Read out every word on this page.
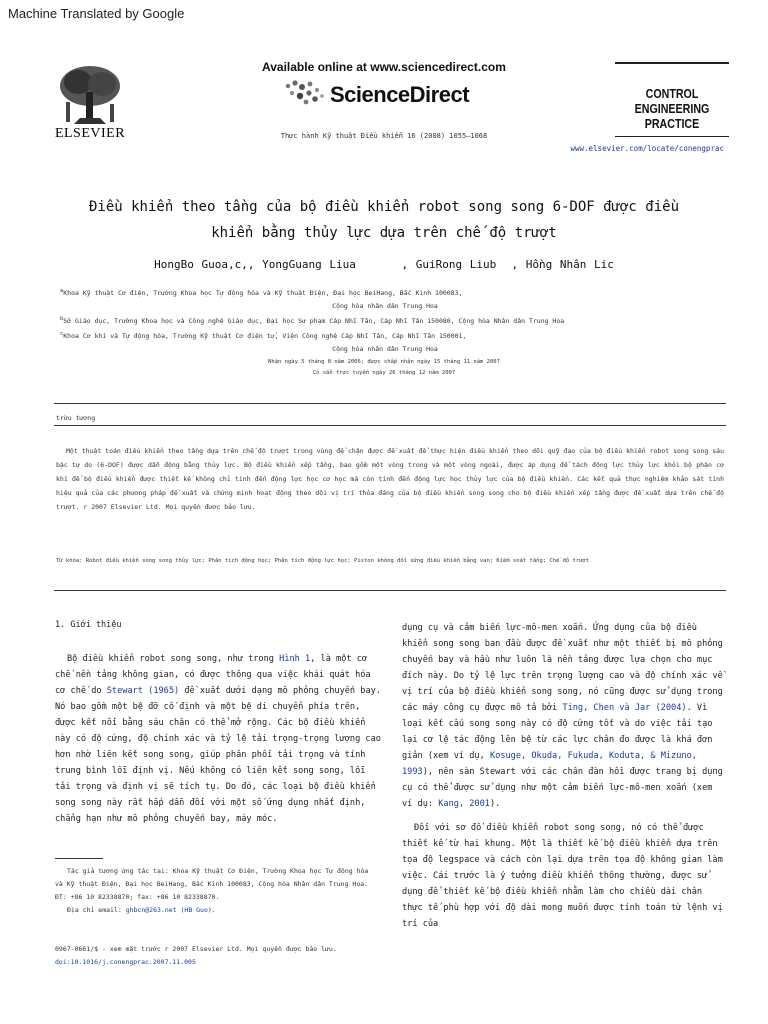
Machine Translated by Google
ELSEVIER
Available online at www.sciencedirect.com
ScienceDirect
Thực hành Kỹ thuật Điều khiển 16 (2008) 1055–1068
CONTROL ENGINEERING
PRACTICE
www.elsevier.com/locate/conengprac
Điều khiển theo tầng của bộ điều khiển robot song song 6-DOF được điều
khiển bằng thủy lực dựa trên chế độ trượt
HongBo Guoa,c,, YongGuang Liua      , GuiRong Liub  , Hồng Nhân Lic
$^a$Khoa Kỹ thuật Cơ điện, Trường Khoa học Tự động hóa và Kỹ thuật Điện, Đại học BeiHang, Bắc Kinh 100083,
Cộng hòa nhân dân Trung Hoa
$^b$Sở Giáo dục, Trường Khoa học và Công nghệ Giáo dục, Đại học Sư phạm Cáp Nhĩ Tân, Cáp Nhĩ Tân 150080, Cộng hòa Nhân dân Trung Hoa
$^c$Khoa Cơ khí và Tự động hóa, Trường Kỹ thuật Cơ điện tử, Viện Công nghệ Cáp Nhĩ Tân, Cáp Nhĩ Tân 150001,
Cộng hòa nhân dân Trung Hoa
Nhận ngày 5 tháng 8 năm 2006; được chấp nhận ngày 15 tháng 11 năm 2007
Có sẵn trực tuyến ngày 26 tháng 12 năm 2007
trừu tượng

Một thuật toán điều khiển theo tầng dựa trên chế độ trượt trong vùng để chặn được đề xuất để thực hiện điều khiển theo dõi quỹ đạo của bộ điều khiển robot song song sáu bậc tự do (6-DOF) được dẫn động bằng thủy lực. Bộ điều khiển xếp tầng, bao gồm một vòng trong và một vòng ngoài, được áp dụng để tách động lực thủy lực khỏi bộ phận cơ khí để bộ điều khiển được thiết kế không chỉ tính đến động lực học cơ học mà còn tính đến động lực học thủy lực của bộ điều khiển. Các kết quả thực nghiệm khảo sát tính hiệu quả của các phương pháp đề xuất và chứng minh hoạt động theo dõi vị trí thỏa đáng của bộ điều khiển song song cho bộ điều khiển xếp tầng được đề xuất dựa trên chế độ trượt. r 2007 Elsevier Ltd. Mọi quyền được bảo lưu.

Từ khóa: Robot điều khiển song song thủy lực; Phân tích động học; Phân tích động lực học; Piston không đối xứng điều khiển bằng van; Kiểm soát tầng; Chế độ trượt
1. Giới thiệu

Bộ điều khiển robot song song, như trong Hình 1, là một cơ chế nền tảng không gian, có được thông qua việc khái quát hóa cơ chế do Stewart (1965) đề xuất dưới dạng mô phỏng chuyến bay. Nó bao gồm một bệ đỡ cố định và một bệ di chuyển phía trên, được kết nối bằng sáu chân có thể mở rộng. Các bộ điều khiển này có độ cứng, độ chính xác và tỷ lệ tải trọng-trọng lượng cao hơn nhờ liên kết song song, giúp phân phối tải trọng và tính trung bình lỗi định vị. Nếu không có liên kết song song, lỗi tải trọng và định vị sẽ tích tụ. Do đó, các loại bộ điều khiển song song này rất hấp dẫn đối với một số ứng dụng nhất định, chẳng hạn như mô phỏng chuyến bay, máy móc.

Tác giả tương ứng tác tại: Khoa Kỹ thuật Cơ Điện, Trường Khoa học Tự động hóa và Kỹ thuật Điện, Đại học BeiHang, Bắc Kinh 100083, Cộng hòa Nhân dân Trung Hoa.
ĐT: +86 10 82338870; fax: +86 10 82338870.
Địa chỉ email: ghbcn@263.net (HB Guo).
0967-0661/$ - xem mặt trước r 2007 Elsevier Ltd. Mọi quyền được bảo lưu.
doi:10.1016/j.conengprac.2007.11.005

dụng cụ và cảm biến lực-mô-men xoắn. Ứng dụng của bộ điều khiển song song ban đầu được đề xuất như một thiết bị mô phỏng chuyến bay và hầu như luôn là nền tảng được lựa chọn cho mục đích này. Do tỷ lệ lực trên trọng lượng cao và độ chính xác về vị trí của bộ điều khiển song song, nó cũng được sử dụng trong các máy công cụ được mô tả bởi Ting, Chen và Jar (2004). Vì loại kết cấu song song này có độ cứng tốt và do việc tải tạo lại cơ lệ tác động lên bệ từ các lực chân đo được là khá đơn giản (xem ví dụ, Kosuge, Okuda, Fukuda, Koduta, & Mizuno, 1993), nên sàn Stewart với các chân đàn hồi được trang bị dụng cụ có thể được sử dụng như một cảm biến lực-mô-men xoắn (xem ví dụ: Kang, 2001).

Đối với sơ đồ điều khiển robot song song, nó có thể được thiết kế từ hai khung. Một là thiết kế bộ điều khiển dựa trên tọa độ legspace và cách còn lại dựa trên tọa độ không gian làm việc. Cái trước là ý tưởng điều khiển thông thường, được sử dụng để thiết kế bộ điều khiển nhằm làm cho chiều dài chân thực tế phù hợp với độ dài mong muốn được tính toán từ lệnh vị trí của
